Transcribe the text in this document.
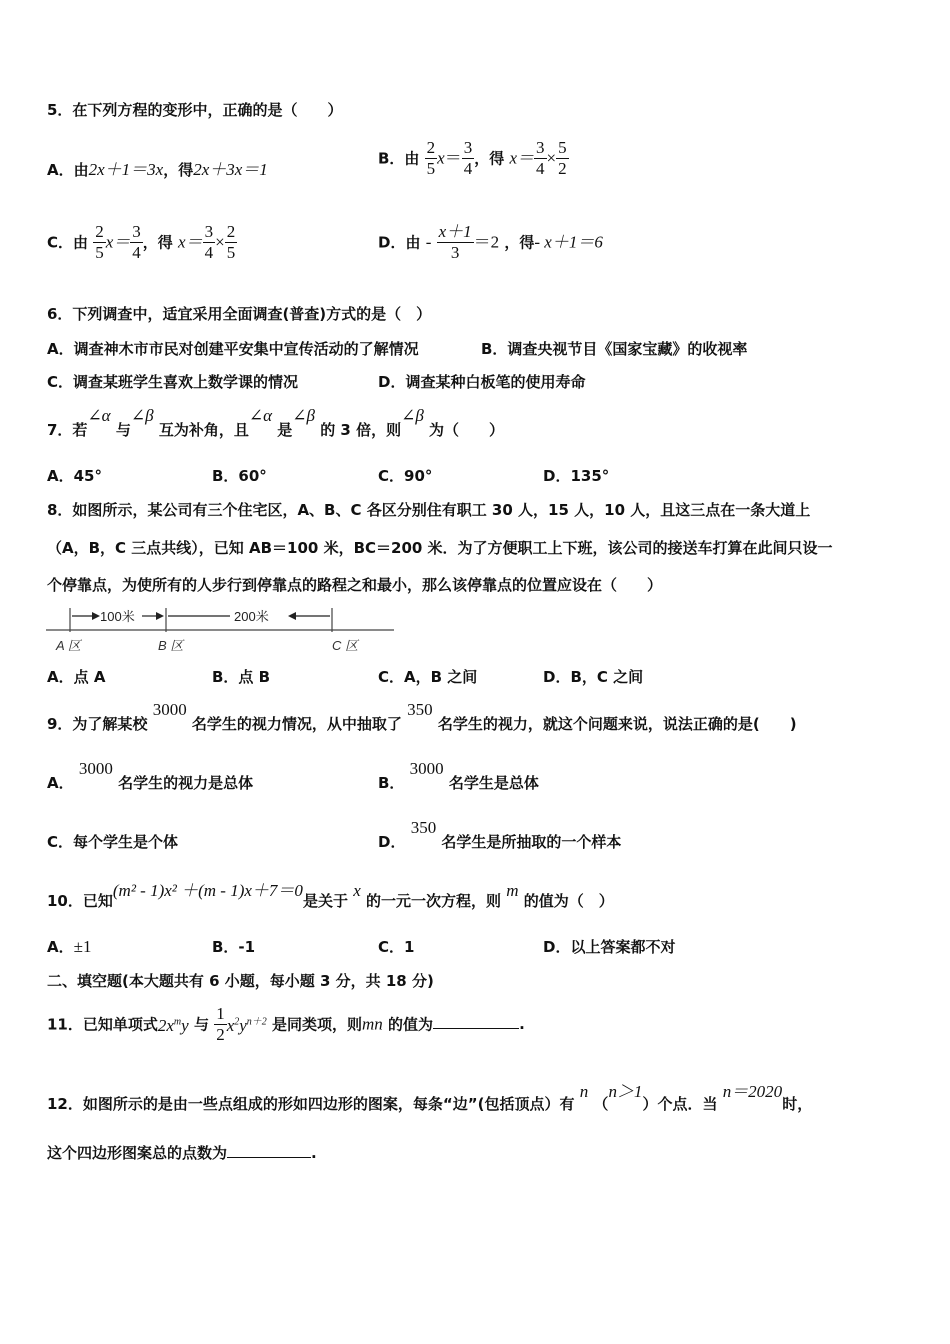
5．在下列方程的变形中，正确的是（　　）
A．由2x＋1＝3x，得2x＋3x＝1
B．由 $\frac{2}{5} x= \frac{3}{4}$ ，得 $x= \frac{3}{4} \times \frac{5}{2}$
C．由 $\frac{2}{5} x= \frac{3}{4}$ ，得 $x= \frac{3}{4} \times \frac{2}{5}$	D．由 - $\frac{x+1}{3} =2$ ，得- x＋1＝6
6．下列调查中，适宜采用全面调查(普查)方式的是（　）
A．调查神木市市民对创建平安集中宣传活动的了解情况	B．调查央视节目《国家宝藏》的收视率
C．调查某班学生喜欢上数学课的情况	D．调查某种白板笔的使用寿命
7．若∠α 与∠β 互为补角，且∠α 是∠β 的 3 倍，则∠β 为（　　）
A．45°	B．60°	C．90°	D．135°
8．如图所示，某公司有三个住宅区，A、B、C 各区分别住有职工 30 人，15 人，10 人，且这三点在一条大道上
（A，B，C 三点共线），已知 AB＝100 米，BC＝200 米．为了方便职工上下班，该公司的接送车打算在此间只设一
个停靠点，为使所有的人步行到停靠点的路程之和最小，那么该停靠点的位置应设在（　　）
100米	200米
A 区	B 区	C 区
A．点 A	B．点 B	C．A，B 之间	D．B，C 之间
9．为了解某校 3000 名学生的视力情况，从中抽取了 350 名学生的视力，就这个问题来说，说法正确的是(　　)
A． 3000 名学生的视力是总体	B． 3000 名学生是总体
C．每个学生是个体	D． 350 名学生是所抽取的一个样本
10．已知(m² - 1)x² ＋(m - 1)x＋7＝0是关于 x 的一元一次方程，则 m 的值为（　）
A．±1	B．-1	C．1	D．以上答案都不对
二、填空题(本大题共有 6 小题，每小题 3 分，共 18 分)
11．已知单项式$2x^my$ 与 $\frac{1}{2} x^2y^{n+2}$ 是同类项，则mn 的值为	.
12．如图所示的是由一些点组成的形如四边形的图案，每条“边”(包括顶点）有 n （n＞1）个点．当 n＝2020时，
这个四边形图案总的点数为	.
